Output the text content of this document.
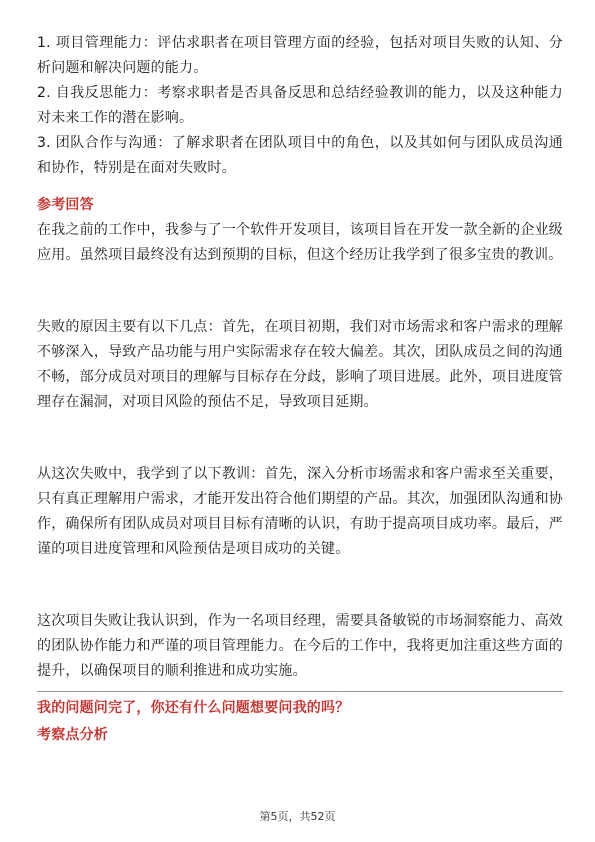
1. 项目管理能力：评估求职者在项目管理方面的经验，包括对项目失败的认知、分析问题和解决问题的能力。

2. 自我反思能力：考察求职者是否具备反思和总结经验教训的能力，以及这种能力对未来工作的潜在影响。

3. 团队合作与沟通：了解求职者在团队项目中的角色，以及其如何与团队成员沟通和协作，特别是在面对失败时。

参考回答

在我之前的工作中，我参与了一个软件开发项目，该项目旨在开发一款全新的企业级应用。虽然项目最终没有达到预期的目标，但这个经历让我学到了很多宝贵的教训。

失败的原因主要有以下几点：首先，在项目初期，我们对市场需求和客户需求的理解不够深入，导致产品功能与用户实际需求存在较大偏差。其次，团队成员之间的沟通不畅，部分成员对项目的理解与目标存在分歧，影响了项目进展。此外，项目进度管理存在漏洞，对项目风险的预估不足，导致项目延期。

从这次失败中，我学到了以下教训：首先，深入分析市场需求和客户需求至关重要，只有真正理解用户需求，才能开发出符合他们期望的产品。其次，加强团队沟通和协作，确保所有团队成员对项目目标有清晰的认识，有助于提高项目成功率。最后，严谨的项目进度管理和风险预估是项目成功的关键。

这次项目失败让我认识到，作为一名项目经理，需要具备敏锐的市场洞察能力、高效的团队协作能力和严谨的项目管理能力。在今后的工作中，我将更加注重这些方面的提升，以确保项目的顺利推进和成功实施。

我的问题问完了，你还有什么问题想要问我的吗？

考察点分析

第5页，共52页
